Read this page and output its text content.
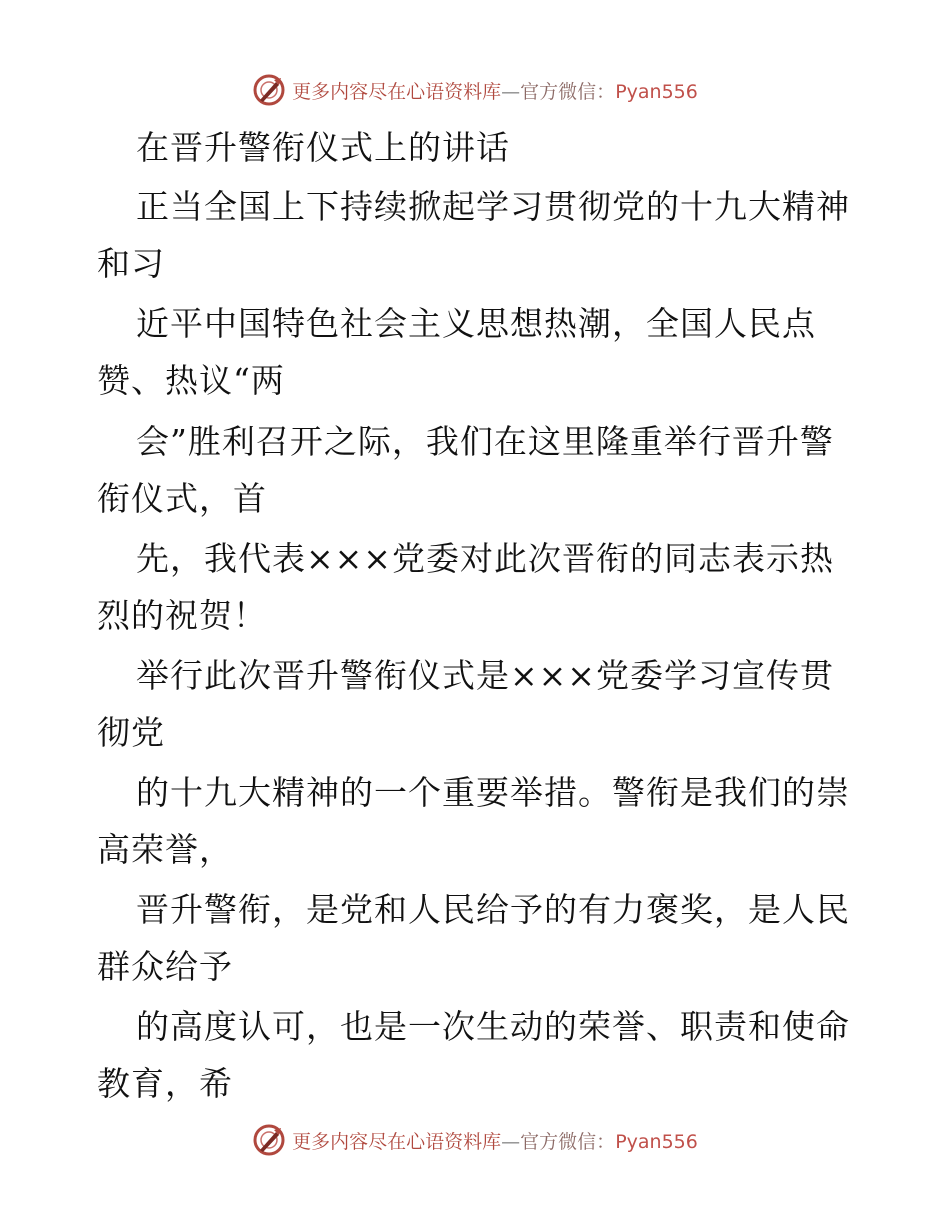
更多内容尽在心语资料库—官方微信：Pyan556
在晋升警衔仪式上的讲话
正当全国上下持续掀起学习贯彻党的十九大精神
和习
近平中国特色社会主义思想热潮，全国人民点
赞、热议“两
会”胜利召开之际，我们在这里隆重举行晋升警
衔仪式，首
先，我代表×××党委对此次晋衔的同志表示热
烈的祝贺！
举行此次晋升警衔仪式是×××党委学习宣传贯
彻党
的十九大精神的一个重要举措。警衔是我们的崇
高荣誉，
晋升警衔，是党和人民给予的有力褒奖，是人民
群众给予
的高度认可，也是一次生动的荣誉、职责和使命
教育，希
更多内容尽在心语资料库—官方微信：Pyan556
